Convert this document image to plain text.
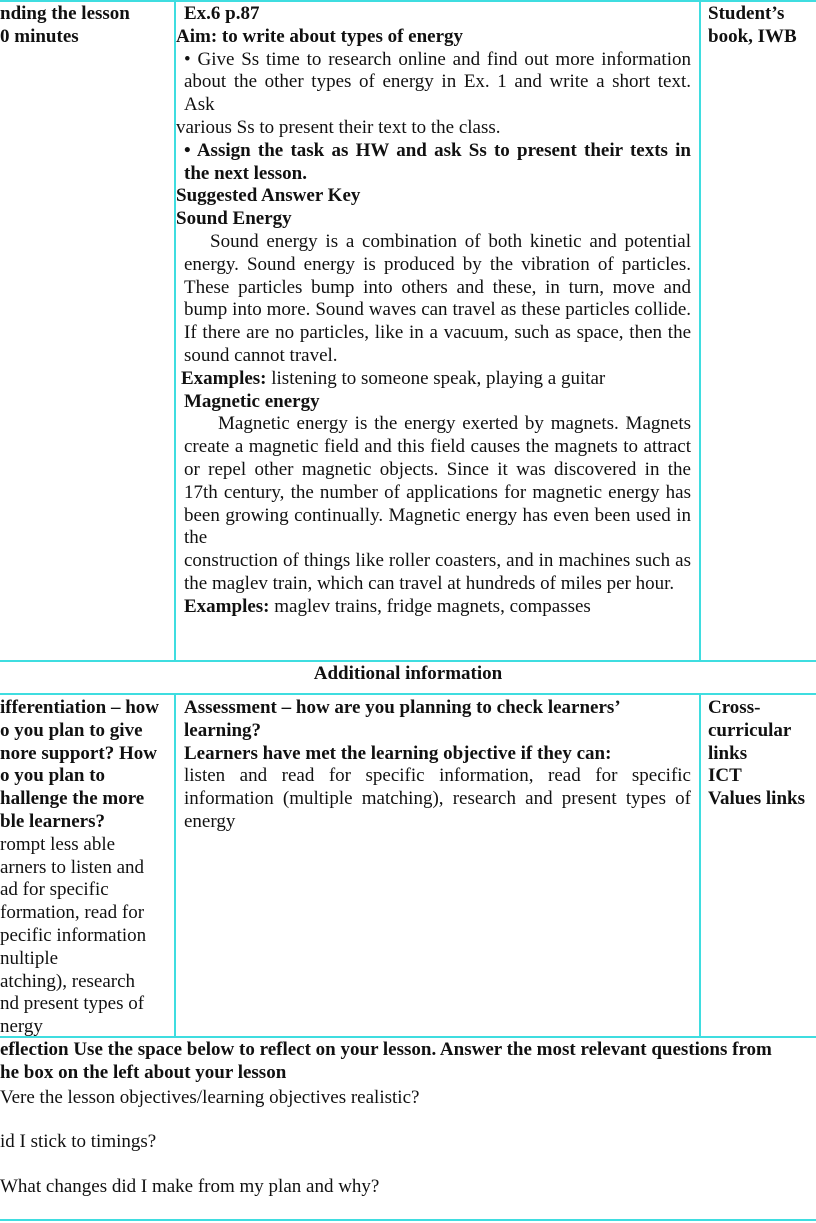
nding the lesson

0 minutes

Ex.6 p.87

Aim: to write about types of energy

• Give Ss time to research online and find out more information

about the other types of energy in Ex. 1 and write a short text.

Ask

various Ss to present their text to the class.

• Assign the task as HW and ask Ss to present their texts in

the next lesson.

Suggested Answer Key

Sound Energy

Sound energy is a combination of both kinetic and potential energy. Sound energy is produced by the vibration of particles. These particles bump into others and these, in turn, move and bump into more. Sound waves can travel as these particles collide. If there are no particles, like in a vacuum, such as space, then the sound cannot travel.

Examples: listening to someone speak, playing a guitar

Magnetic energy

Magnetic energy is the energy exerted by magnets. Magnets create a magnetic field and this field causes the magnets to attract or repel other magnetic objects. Since it was discovered in the 17th century, the number of applications for magnetic energy has been growing continually. Magnetic energy has even been used in the

construction of things like roller coasters, and in machines such as the maglev train, which can travel at hundreds of miles per hour.

Examples: maglev trains, fridge magnets, compasses

Student’s

book, IWB

Additional information

ifferentiation – how

o you plan to give

nore support? How

o you plan to

hallenge the more

ble learners?

rompt less able

arners to listen and

ad for specific

formation, read for

pecific information

nultiple

atching), research

nd present types of

nergy

Assessment – how are you planning to check learners’ learning?

Learners have met the learning objective if they can:

listen and read for specific information, read for specific information (multiple matching), research and present types of energy

Cross-

curricular

links

ICT

Values links

eflection Use the space below to reflect on your lesson. Answer the most relevant questions from

he box on the left about your lesson

Vere the lesson objectives/learning objectives realistic?

id I stick to timings?

What changes did I make from my plan and why?
